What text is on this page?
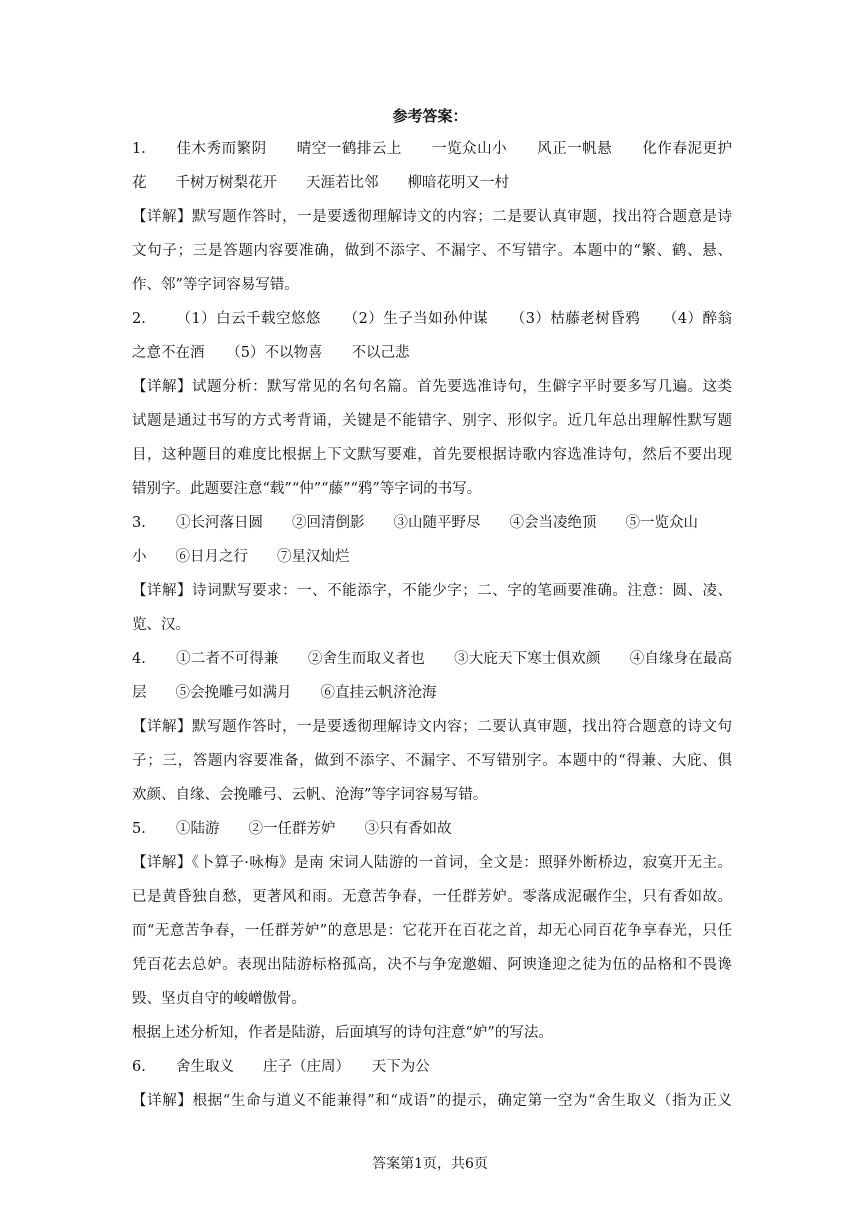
参考答案：
1. 佳木秀而繁阴　　晴空一鹤排云上　　一览众山小　　风正一帆悬　　化作春泥更护
花　　千树万树梨花开　　天涯若比邻　　柳暗花明又一村
【详解】默写题作答时，一是要透彻理解诗文的内容；二是要认真审题，找出符合题意是诗
文句子；三是答题内容要准确，做到不添字、不漏字、不写错字。本题中的“繁、鹤、悬、
作、邻”等字词容易写错。
2. （1）白云千载空悠悠　　（2）生子当如孙仲谋　　（3）枯藤老树昏鸦　　（4）醉翁
之意不在酒　　（5）不以物喜　　不以己悲
【详解】试题分析：默写常见的名句名篇。首先要选准诗句，生僻字平时要多写几遍。这类
试题是通过书写的方式考背诵，关键是不能错字、别字、形似字。近几年总出理解性默写题
目，这种题目的难度比根据上下文默写要难，首先要根据诗歌内容选准诗句，然后不要出现
错别字。此题要注意“载”“仲”“藤”“鸦”等字词的书写。
3. ①长河落日圆　　②回清倒影　　③山随平野尽　　④会当凌绝顶　　⑤一览众山
小　　⑥日月之行　　⑦星汉灿烂
【详解】诗词默写要求：一、不能添字，不能少字；二、字的笔画要准确。注意：圆、凌、
览、汉。
4. ①二者不可得兼　　②舍生而取义者也　　③大庇天下寒士俱欢颜　　④自缘身在最高
层　　⑤会挽雕弓如满月　　⑥直挂云帆济沧海
【详解】默写题作答时，一是要透彻理解诗文内容；二要认真审题，找出符合题意的诗文句
子；三，答题内容要准备，做到不添字、不漏字、不写错别字。本题中的“得兼、大庇、俱
欢颜、自缘、会挽雕弓、云帆、沧海”等字词容易写错。
5. ①陆游　　②一任群芳妒　　③只有香如故
【详解】《卜算子·咏梅》是南 宋词人陆游的一首词，全文是：照驿外断桥边，寂寞开无主。
已是黄昏独自愁，更著风和雨。无意苦争春，一任群芳妒。零落成泥碾作尘，只有香如故。
而“无意苦争春，一任群芳妒”的意思是：它花开在百花之首，却无心同百花争享春光，只任
凭百花去总妒。表现出陆游标格孤高，决不与争宠邀媚、阿谀逢迎之徒为伍的品格和不畏谗
毁、坚贞自守的峻嶒傲骨。
根据上述分析知，作者是陆游，后面填写的诗句注意“妒”的写法。
6. 舍生取义　　庄子（庄周）　　天下为公
【详解】根据“生命与道义不能兼得”和“成语”的提示，确定第一空为“舍生取义（指为正义
答案第1页，共6页
